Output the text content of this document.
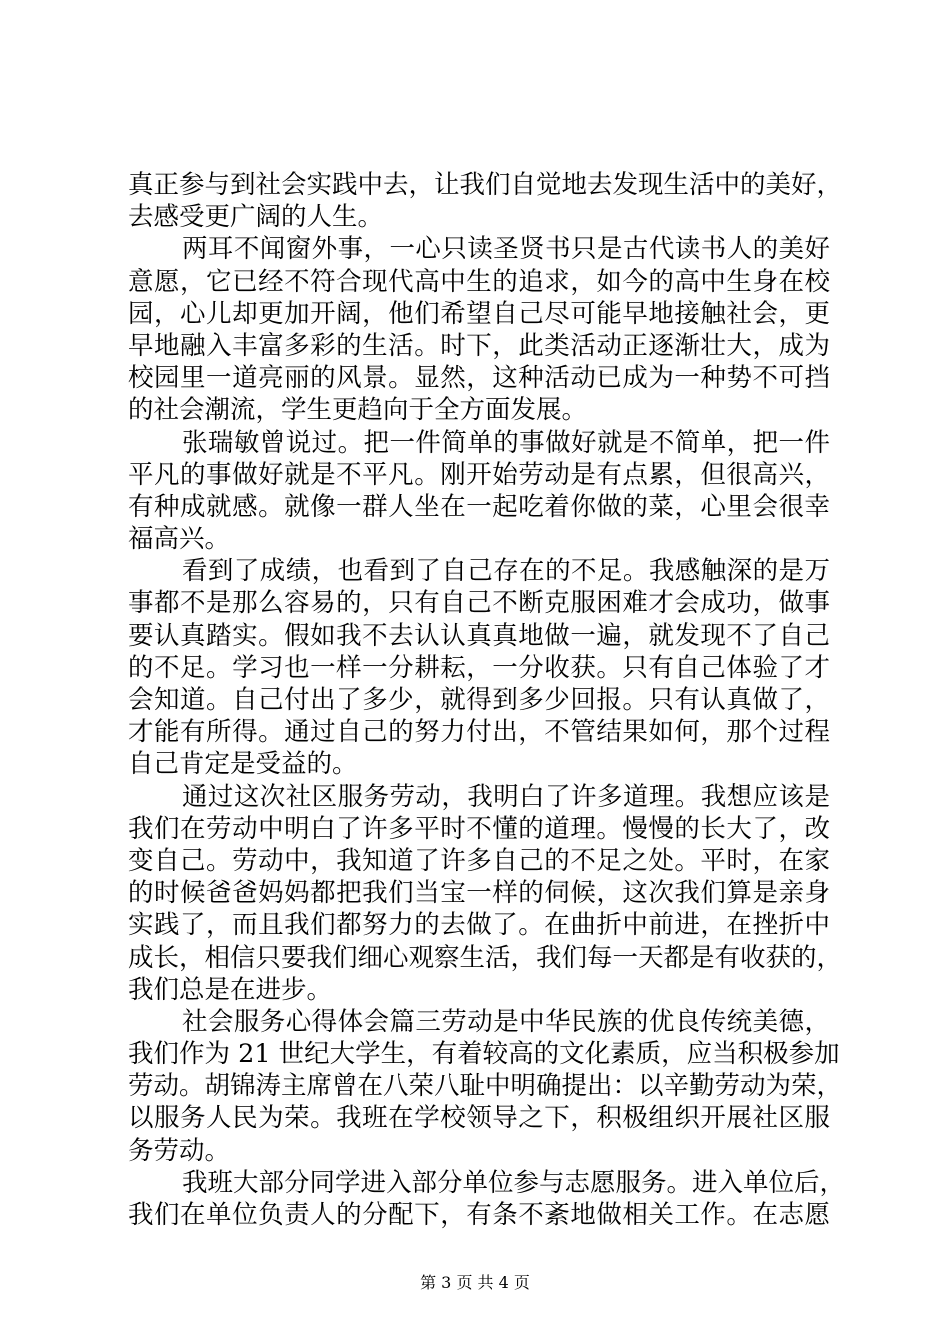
真正参与到社会实践中去，让我们自觉地去发现生活中的美好，
去感受更广阔的人生。
两耳不闻窗外事，一心只读圣贤书只是古代读书人的美好
意愿，它已经不符合现代高中生的追求，如今的高中生身在校
园，心儿却更加开阔，他们希望自己尽可能早地接触社会，更
早地融入丰富多彩的生活。时下，此类活动正逐渐壮大，成为
校园里一道亮丽的风景。显然，这种活动已成为一种势不可挡
的社会潮流，学生更趋向于全方面发展。
张瑞敏曾说过。把一件简单的事做好就是不简单，把一件
平凡的事做好就是不平凡。刚开始劳动是有点累，但很高兴，
有种成就感。就像一群人坐在一起吃着你做的菜，心里会很幸
福高兴。
看到了成绩，也看到了自己存在的不足。我感触深的是万
事都不是那么容易的，只有自己不断克服困难才会成功，做事
要认真踏实。假如我不去认认真真地做一遍，就发现不了自己
的不足。学习也一样一分耕耘，一分收获。只有自己体验了才
会知道。自己付出了多少，就得到多少回报。只有认真做了，
才能有所得。通过自己的努力付出，不管结果如何，那个过程
自己肯定是受益的。
通过这次社区服务劳动，我明白了许多道理。我想应该是
我们在劳动中明白了许多平时不懂的道理。慢慢的长大了，改
变自己。劳动中，我知道了许多自己的不足之处。平时，在家
的时候爸爸妈妈都把我们当宝一样的伺候，这次我们算是亲身
实践了，而且我们都努力的去做了。在曲折中前进，在挫折中
成长，相信只要我们细心观察生活，我们每一天都是有收获的，
我们总是在进步。
社会服务心得体会篇三劳动是中华民族的优良传统美德，
我们作为 21 世纪大学生，有着较高的文化素质，应当积极参加
劳动。胡锦涛主席曾在八荣八耻中明确提出：以辛勤劳动为荣，
以服务人民为荣。我班在学校领导之下，积极组织开展社区服
务劳动。
我班大部分同学进入部分单位参与志愿服务。进入单位后，
我们在单位负责人的分配下，有条不紊地做相关工作。在志愿
第 3 页 共 4 页
